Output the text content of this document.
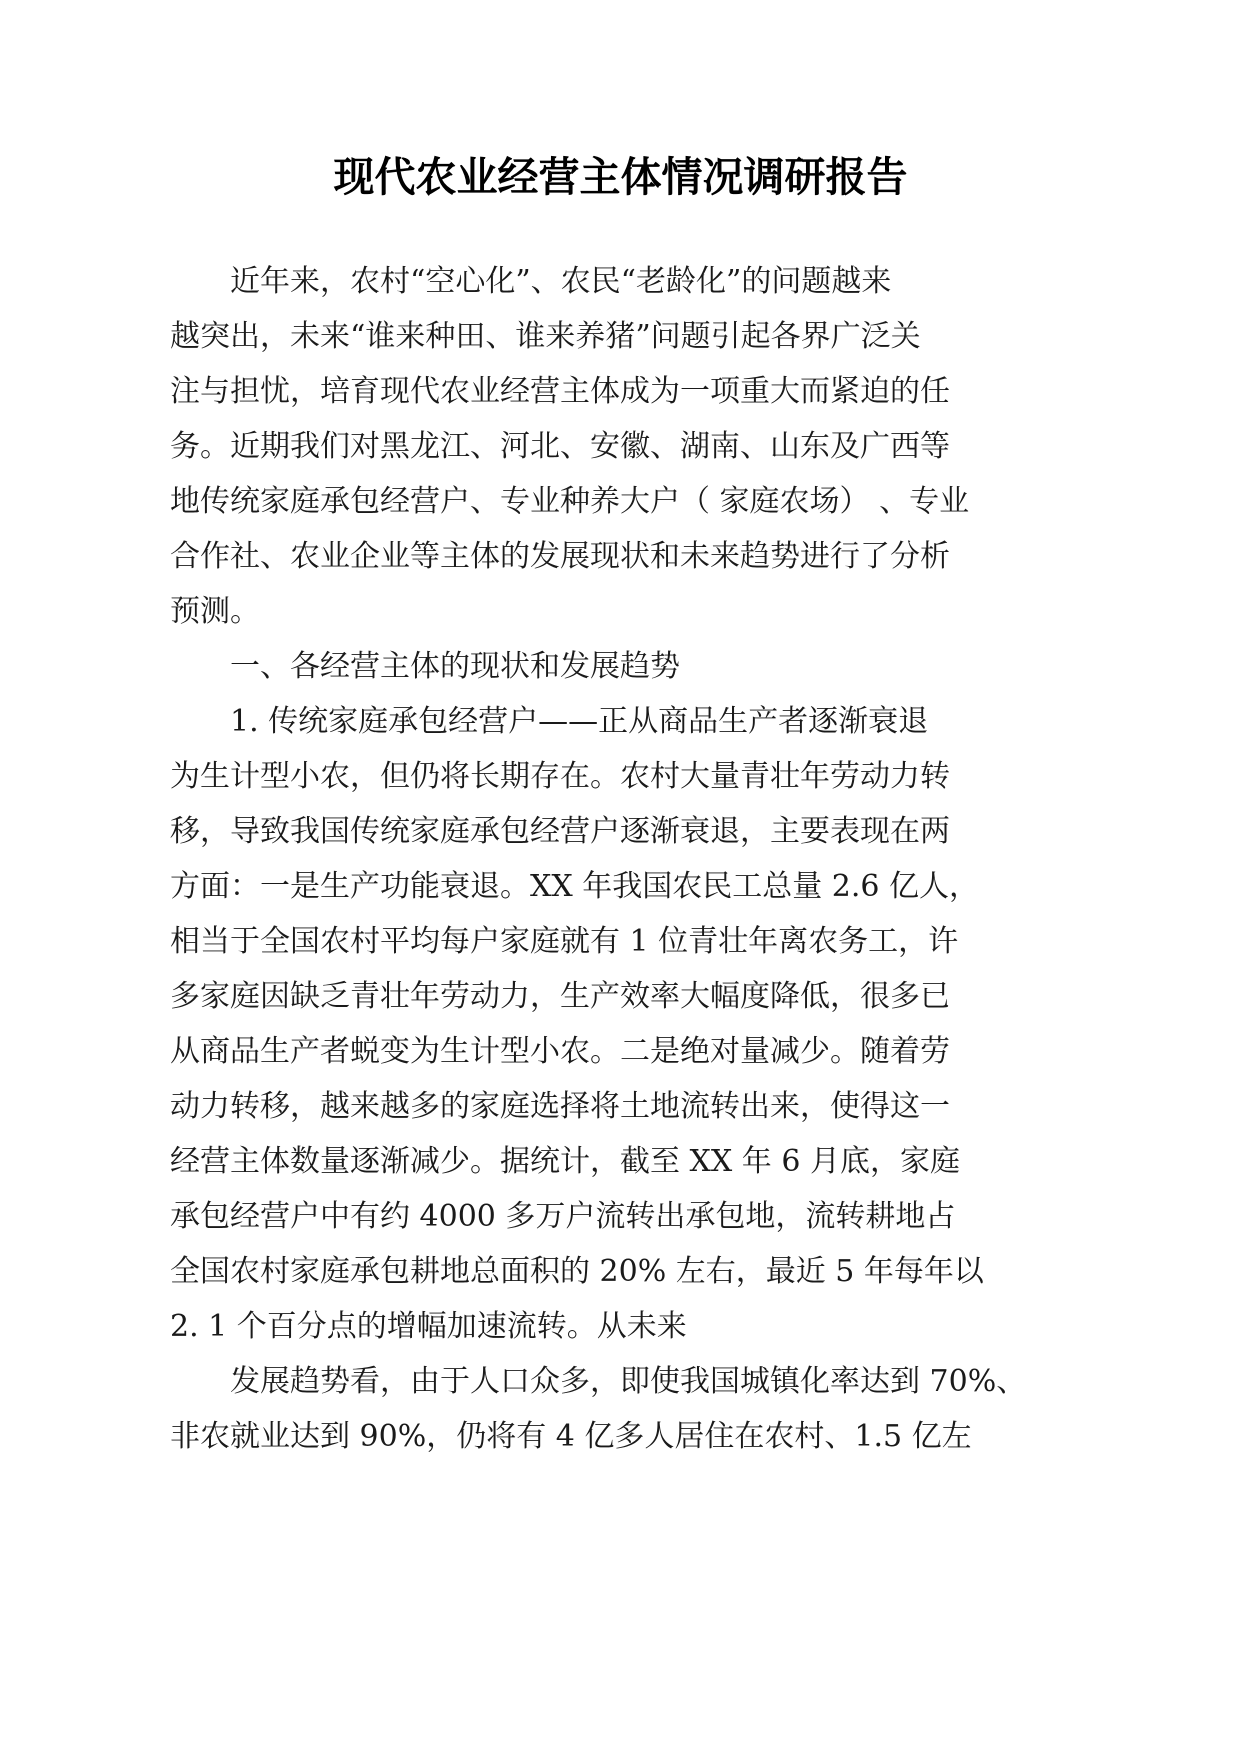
现代农业经营主体情况调研报告

近年来，农村“空心化”、农民“老龄化”的问题越来

越突出，未来“谁来种田、谁来养猪”问题引起各界广泛关

注与担忧，培育现代农业经营主体成为一项重大而紧迫的任

务。近期我们对黑龙江、河北、安徽、湖南、山东及广西等

地传统家庭承包经营户、专业种养大户（ 家庭农场） 、专业

合作社、农业企业等主体的发展现状和未来趋势进行了分析

预测。

一、各经营主体的现状和发展趋势

1. 传统家庭承包经营户——正从商品生产者逐渐衰退

为生计型小农，但仍将长期存在。农村大量青壮年劳动力转

移，导致我国传统家庭承包经营户逐渐衰退，主要表现在两

方面：一是生产功能衰退。XX 年我国农民工总量 2.6 亿人，

相当于全国农村平均每户家庭就有 1 位青壮年离农务工，许

多家庭因缺乏青壮年劳动力，生产效率大幅度降低，很多已

从商品生产者蜕变为生计型小农。二是绝对量减少。随着劳

动力转移，越来越多的家庭选择将土地流转出来，使得这一

经营主体数量逐渐减少。据统计，截至 XX 年 6 月底，家庭

承包经营户中有约 4000 多万户流转出承包地，流转耕地占

全国农村家庭承包耕地总面积的 20% 左右，最近 5 年每年以

2. 1 个百分点的增幅加速流转。从未来

发展趋势看，由于人口众多，即使我国城镇化率达到 70%、

非农就业达到 90%，仍将有 4 亿多人居住在农村、1.5 亿左
